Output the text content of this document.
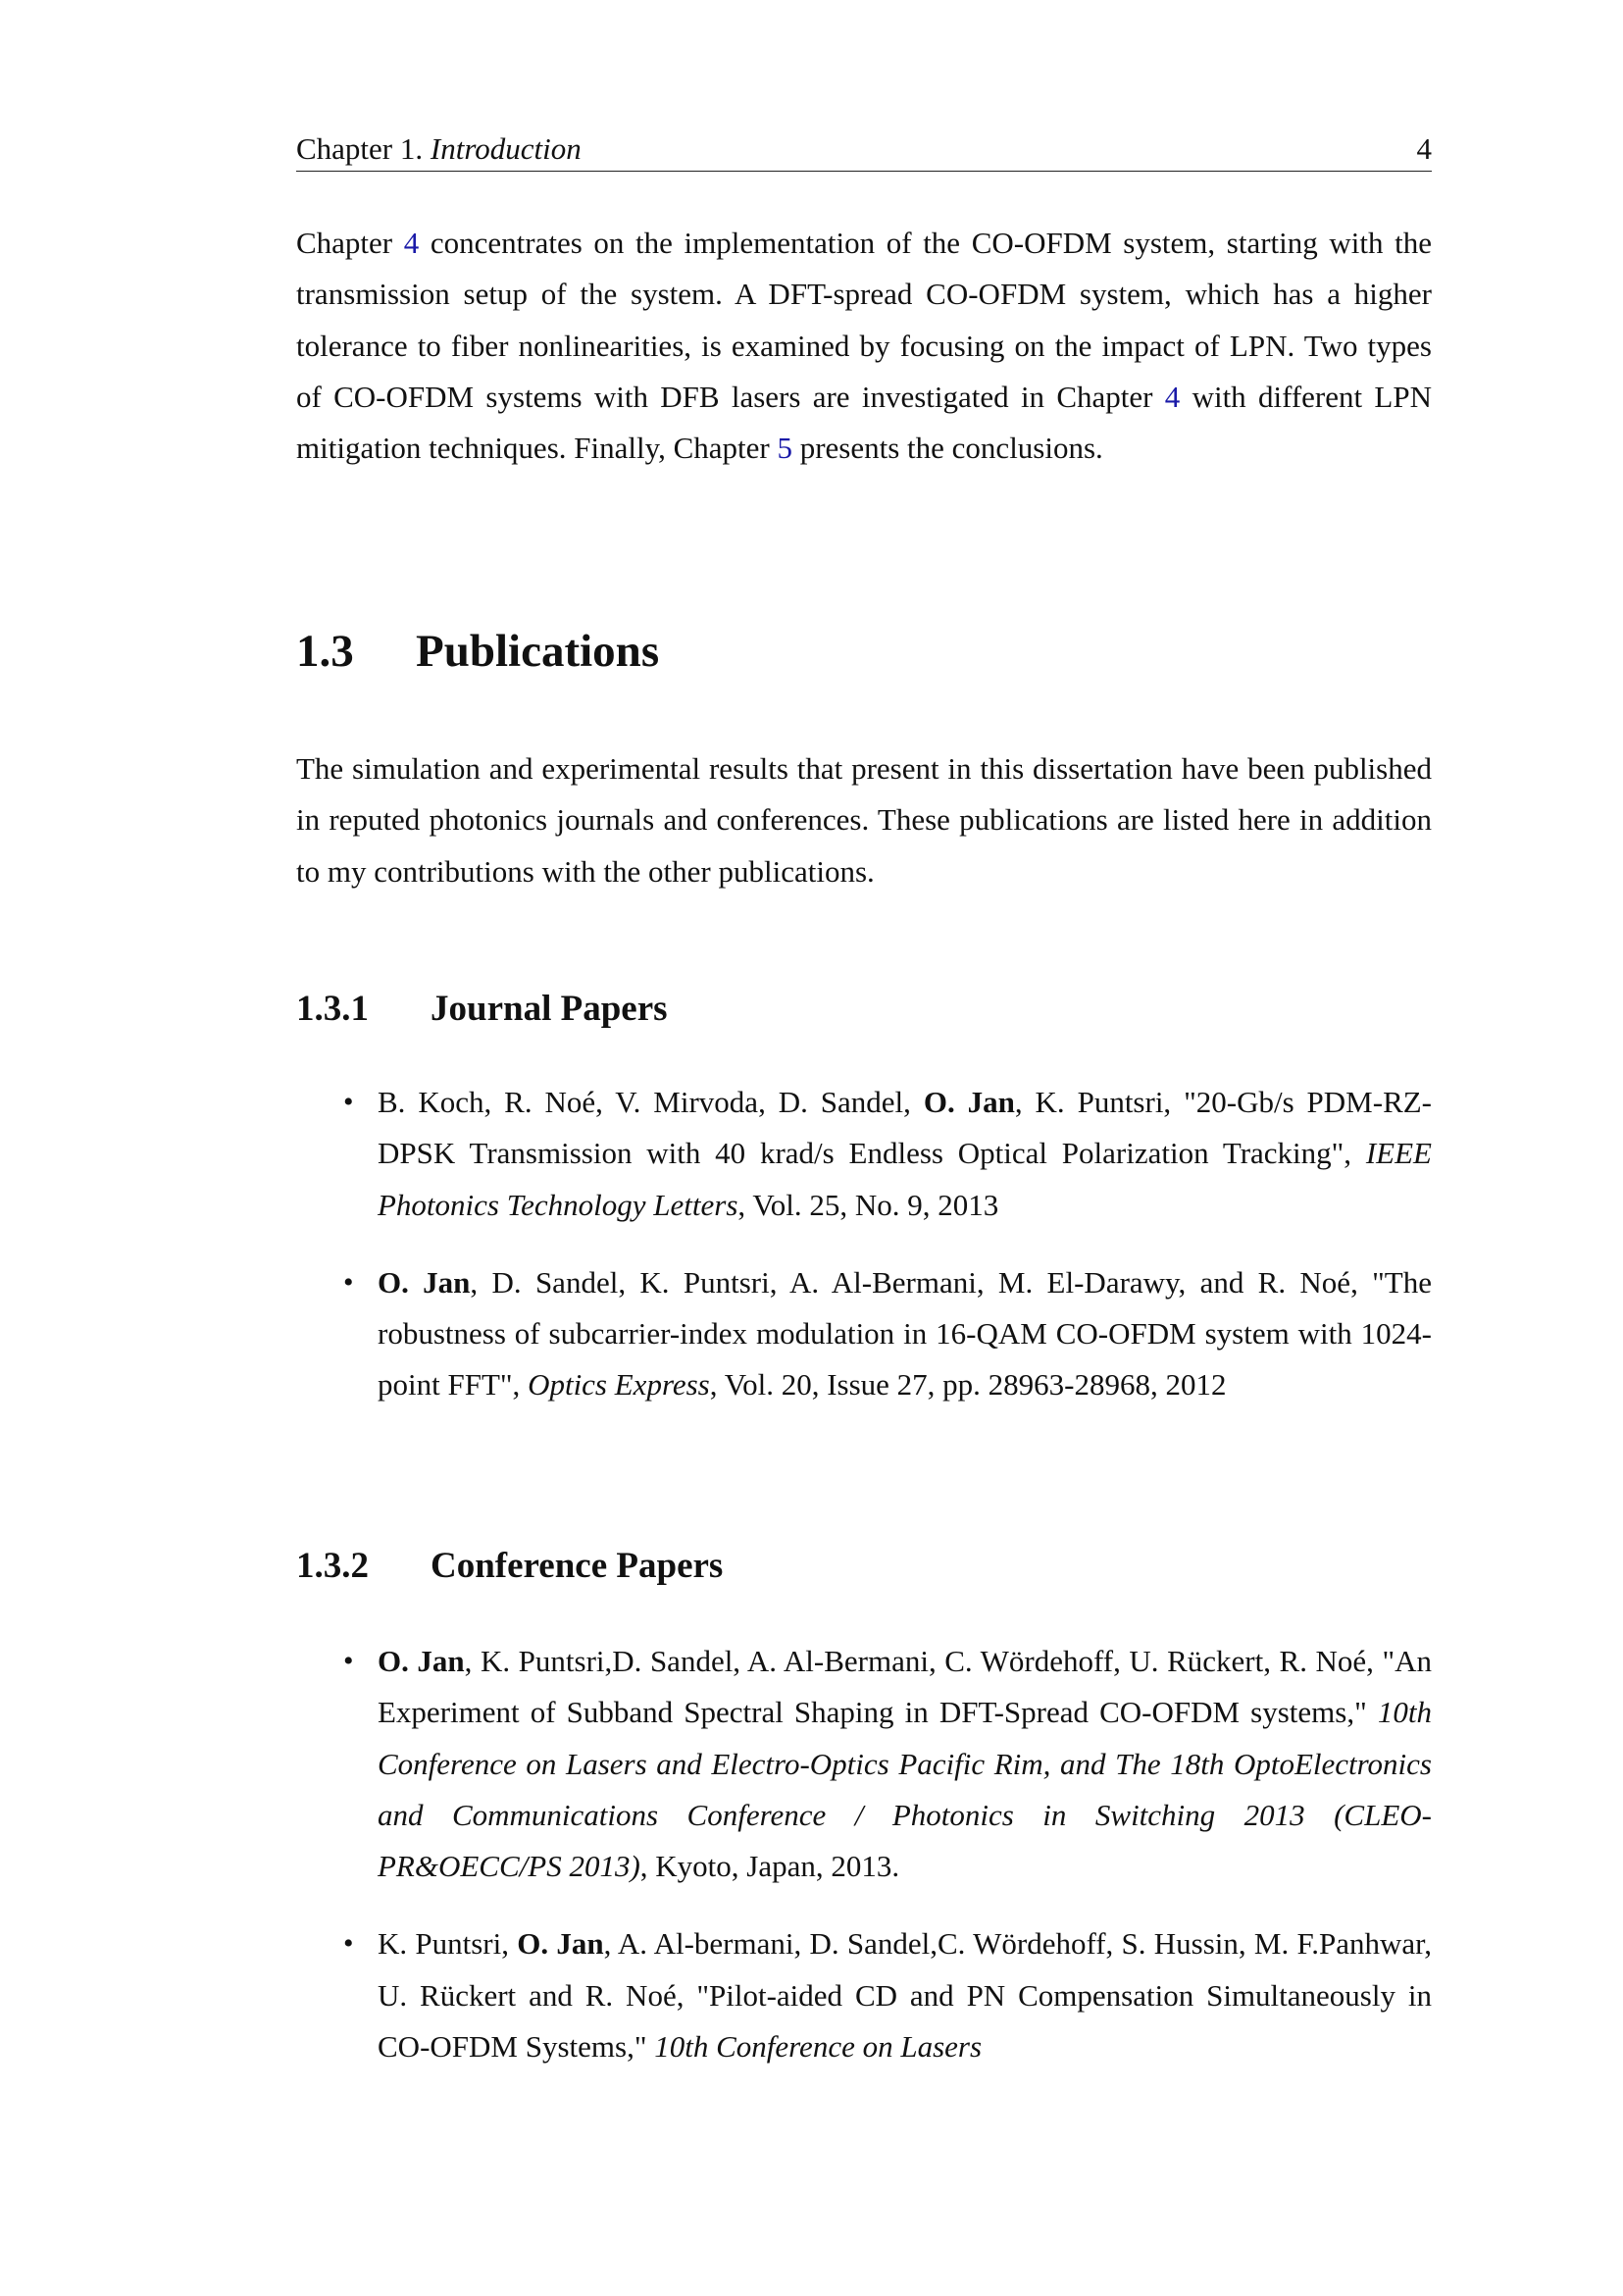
Chapter 1. Introduction	4

Chapter 4 concentrates on the implementation of the CO-OFDM system, starting with the transmission setup of the system. A DFT-spread CO-OFDM system, which has a higher tolerance to fiber nonlinearities, is examined by focusing on the impact of LPN. Two types of CO-OFDM systems with DFB lasers are investigated in Chapter 4 with different LPN mitigation techniques. Finally, Chapter 5 presents the conclusions.

1.3 Publications

The simulation and experimental results that present in this dissertation have been published in reputed photonics journals and conferences. These publications are listed here in addition to my contributions with the other publications.

1.3.1 Journal Papers
• B. Koch, R. Noé, V. Mirvoda, D. Sandel, O. Jan, K. Puntsri, "20-Gb/s PDM-RZ-DPSK Transmission with 40 krad/s Endless Optical Polarization Tracking", IEEE Photonics Technology Letters, Vol. 25, No. 9, 2013
• O. Jan, D. Sandel, K. Puntsri, A. Al-Bermani, M. El-Darawy, and R. Noé, "The robustness of subcarrier-index modulation in 16-QAM CO-OFDM system with 1024-point FFT", Optics Express, Vol. 20, Issue 27, pp. 28963-28968, 2012
1.3.2 Conference Papers
• O. Jan, K. Puntsri,D. Sandel, A. Al-Bermani, C. Wördehoff, U. Rückert, R. Noé, "An Experiment of Subband Spectral Shaping in DFT-Spread CO-OFDM systems," 10th Conference on Lasers and Electro-Optics Pacific Rim, and The 18th OptoElectronics and Communications Conference / Photonics in Switching 2013 (CLEO-PR&OECC/PS 2013), Kyoto, Japan, 2013.
• K. Puntsri, O. Jan, A. Al-bermani, D. Sandel,C. Wördehoff, S. Hussin, M. F.Panhwar, U. Rückert and R. Noé, "Pilot-aided CD and PN Compensation Simultaneously in CO-OFDM Systems," 10th Conference on Lasers
